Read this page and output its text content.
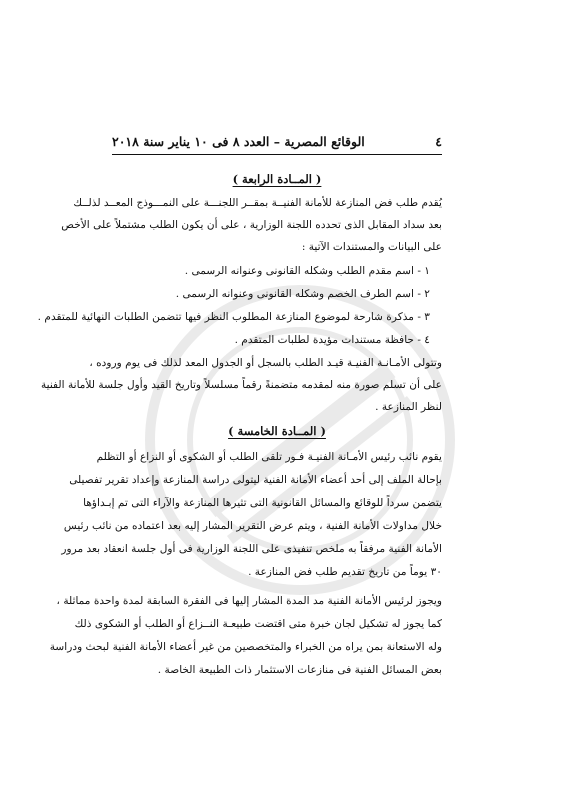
٤
الوقائع المصرية – العدد ٨ فى ١٠ يناير سنة ٢٠١٨
( المــادة الرابعة )
يُقدم طلب فض المنازعة للأمانة الفنيــة بمقــر اللجنـــة على النمـــوذج المعــد لذلــك
بعد سداد المقابل الذى تحدده اللجنة الوزارية ، على أن يكون الطلب مشتملاً على الأخص
على البيانات والمستندات الآتية :
١ - اسم مقدم الطلب وشكله القانونى وعنوانه الرسمى .
٢ - اسم الطرف الخصم وشكله القانونى وعنوانه الرسمى .
٣ - مذكرة شارحة لموضوع المنازعة المطلوب النظر فيها تتضمن الطلبات النهائية للمتقدم .
٤ - حافظة مستندات مؤيدة لطلبات المتقدم .
وتتولى الأمـانـة الفنيـة قيـد الطلب بالسجل أو الجدول المعد لذلك فى يوم وروده ،
على أن تسلم صورة منه لمقدمه متضمنةً رقماً مسلسلاً وتاريخ القيد وأول جلسة للأمانة الفنية
لنظر المنازعة .
( المــادة الخامسة )
يقوم نائب رئيس الأمـانة الفنيـة فـور تلقى الطلب أو الشكوى أو النزاع أو التظلم
بإحالة الملف إلى أحد أعضاء الأمانة الفنية ليتولى دراسة المنازعة وإعداد تقرير تفصيلى
يتضمن سرداً للوقائع والمسائل القانونية التى تثيرها المنازعة والآراء التى تم إبـداؤها
خلال مداولات الأمانة الفنية ، ويتم عرض التقرير المشار إليه بعد اعتماده من نائب رئيس
الأمانة الفنية مرفقاً به ملخص تنفيذى على اللجنة الوزارية فى أول جلسة انعقاد بعد مرور
٣٠ يوماً من تاريخ تقديم طلب فض المنازعة .
ويجوز لرئيس الأمانة الفنية مد المدة المشار إليها فى الفقرة السابقة لمدة واحدة مماثلة ،
كما يجوز له تشكيل لجان خبرة متى اقتضت طبيعـة النــزاع أو الطلب أو الشكوى ذلك
وله الاستعانة بمن يراه من الخبراء والمتخصصين من غير أعضاء الأمانة الفنية لبحث ودراسة
بعض المسائل الفنية فى منازعات الاستثمار ذات الطبيعة الخاصة .
